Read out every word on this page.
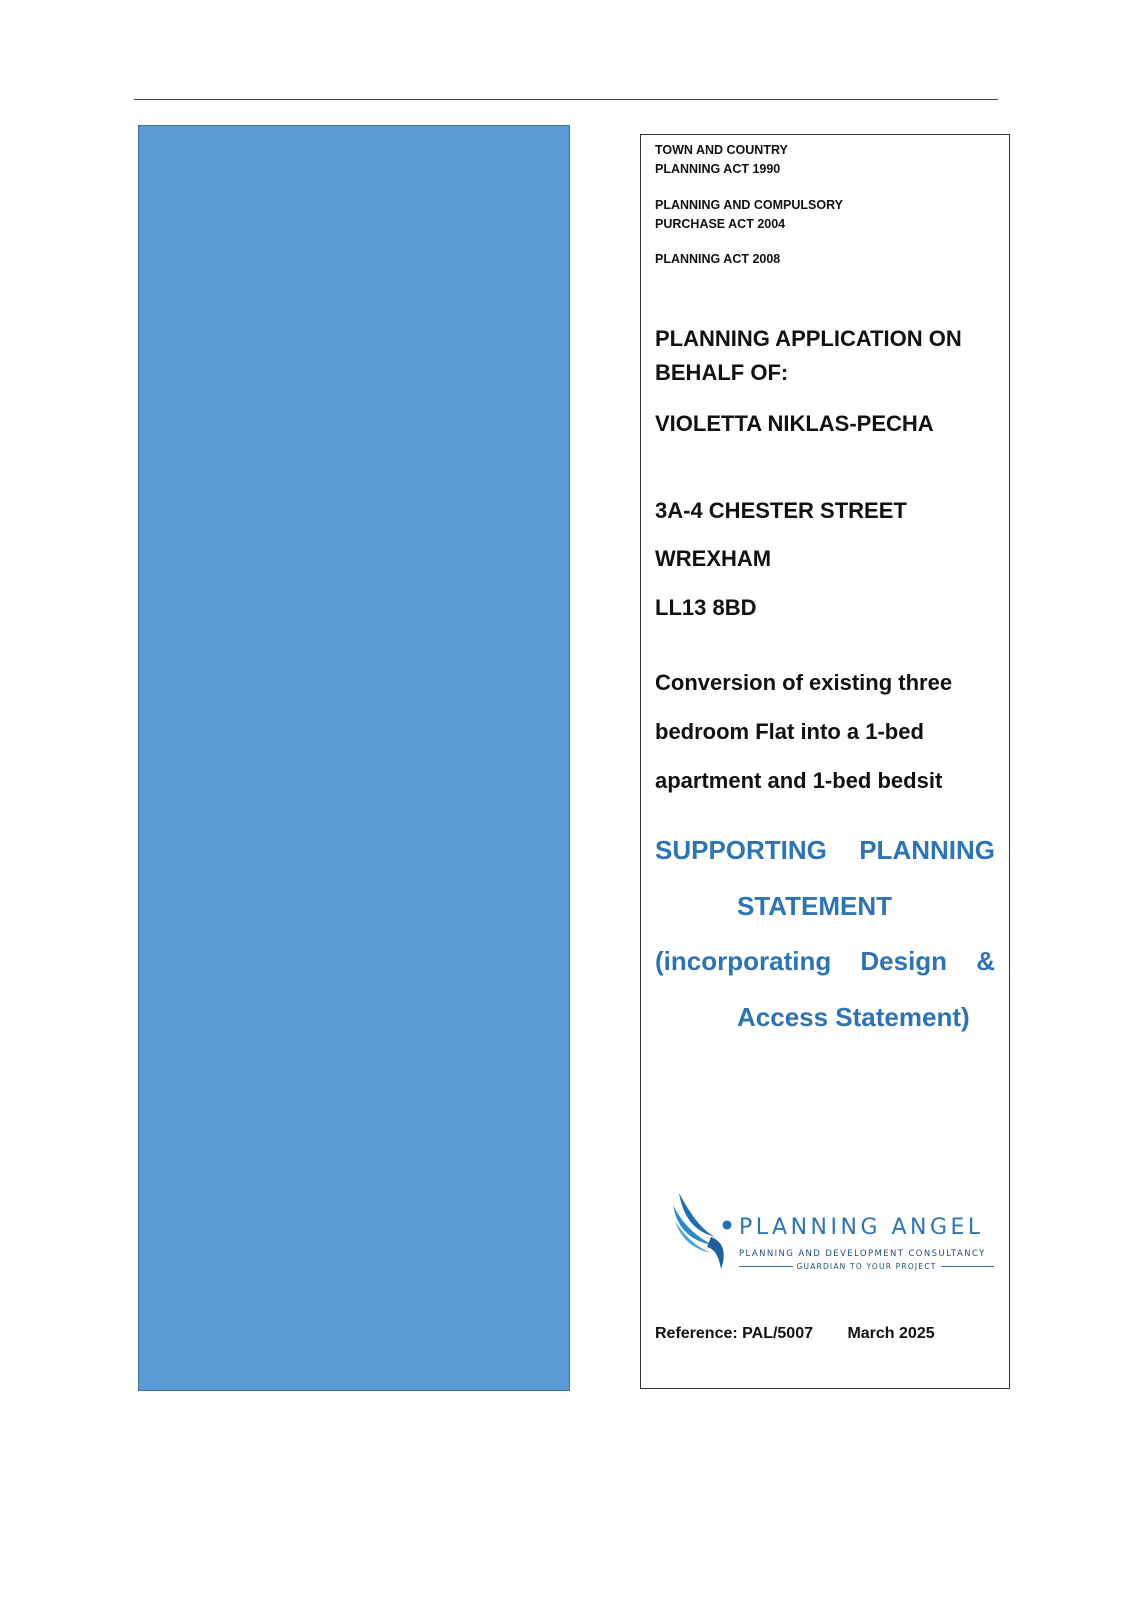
TOWN AND COUNTRY
PLANNING ACT 1990
PLANNING AND COMPULSORY
PURCHASE ACT 2004
PLANNING ACT 2008
PLANNING APPLICATION ON
BEHALF OF:
VIOLETTA NIKLAS-PECHA
3A-4 CHESTER STREET
WREXHAM
LL13 8BD
Conversion of existing three
bedroom Flat into a 1-bed
apartment and 1-bed bedsit
SUPPORTING PLANNING
STATEMENT
(incorporating Design &
Access Statement)
PLANNING ANGEL
PLANNING AND DEVELOPMENT CONSULTANCY
GUARDIAN TO YOUR PROJECT
Reference: PAL/5007 March 2025
